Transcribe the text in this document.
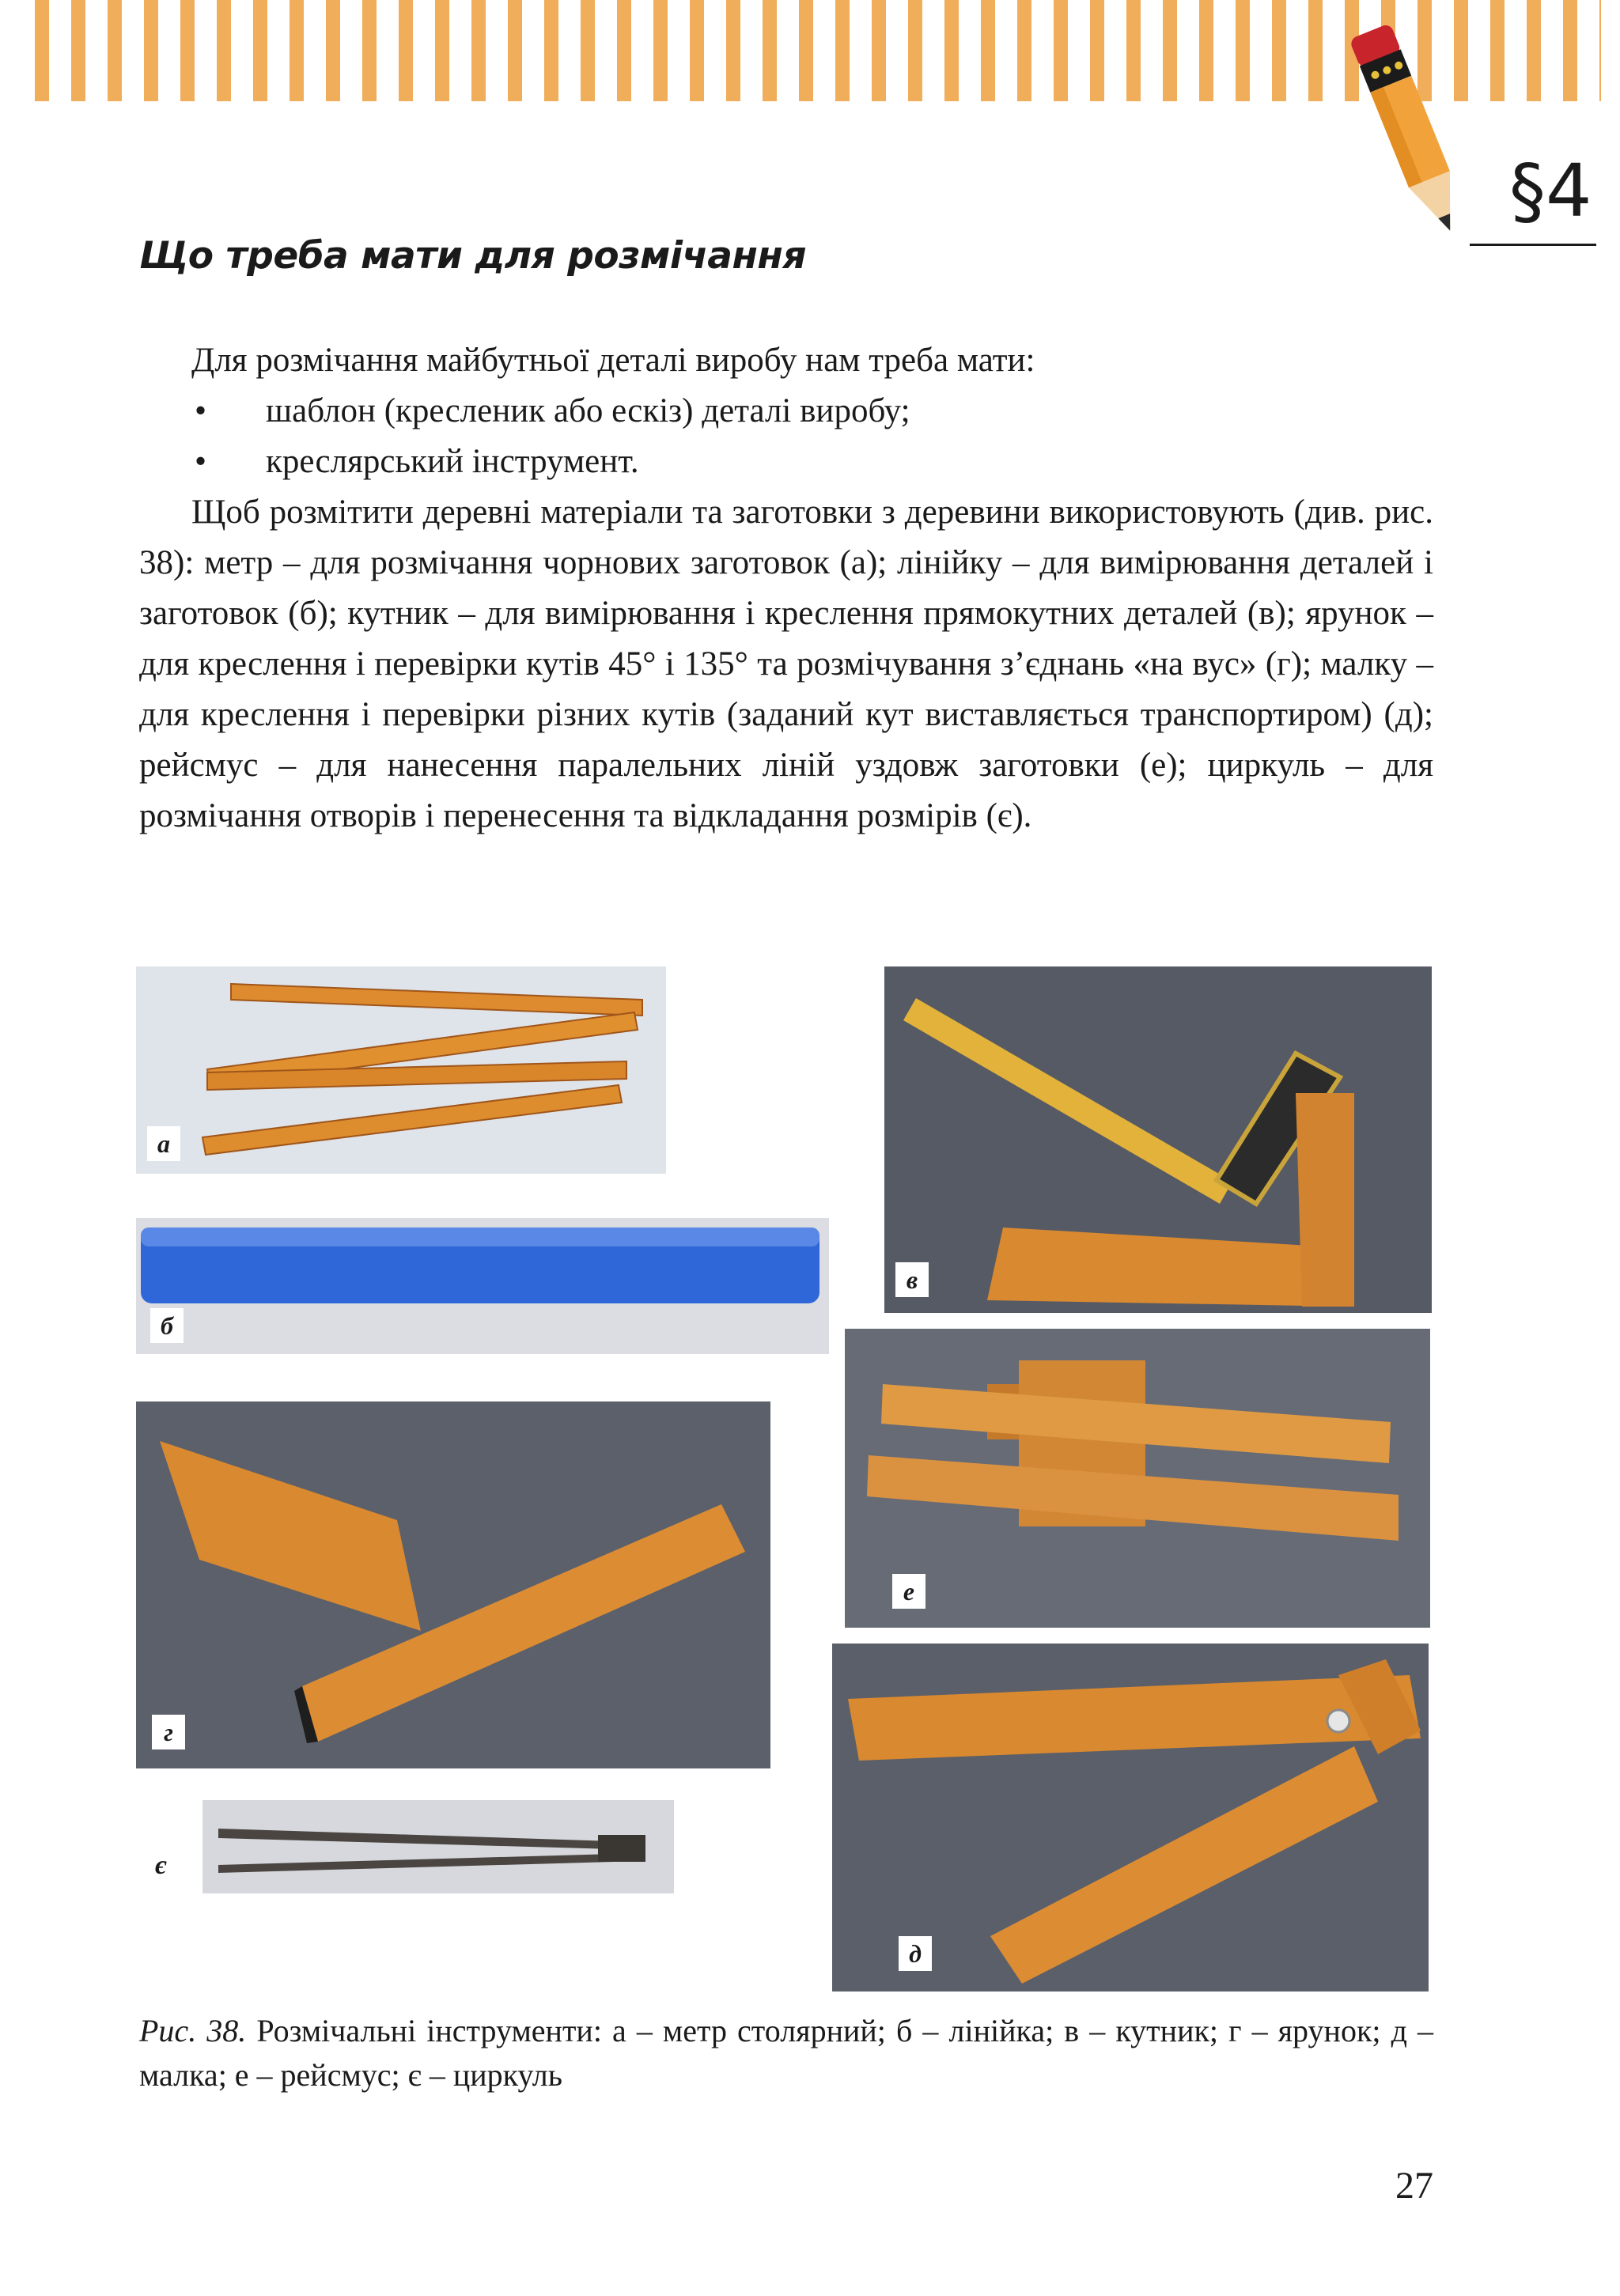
§4
Що треба мати для розмічання
Для розмічання майбутньої деталі виробу нам треба мати:
• шаблон (кресленик або ескіз) деталі виробу;
• креслярський інструмент.
Щоб розмітити деревні матеріали та заготовки з деревини використовують (див. рис. 38): метр – для розмічання чорнових заготовок (а); лінійку – для вимірювання деталей і заготовок (б); кутник – для вимірювання і креслення прямокутних деталей (в); ярунок – для креслення і перевірки кутів 45° і 135° та розмічування з’єднань «на вус» (г); малку – для креслення і перевірки різних кутів (заданий кут виставляється транспортиром) (д); рейсмус – для нанесення паралельних ліній уздовж заготовки (е); циркуль – для розмічання отворів і перенесення та відкладання розмірів (є).
а
б
в
е
г
д
є
Рис. 38. Розмічальні інструменти: а – метр столярний; б – лінійка; в – кутник; г – ярунок; д – малка; е – рейсмус; є – циркуль
27
